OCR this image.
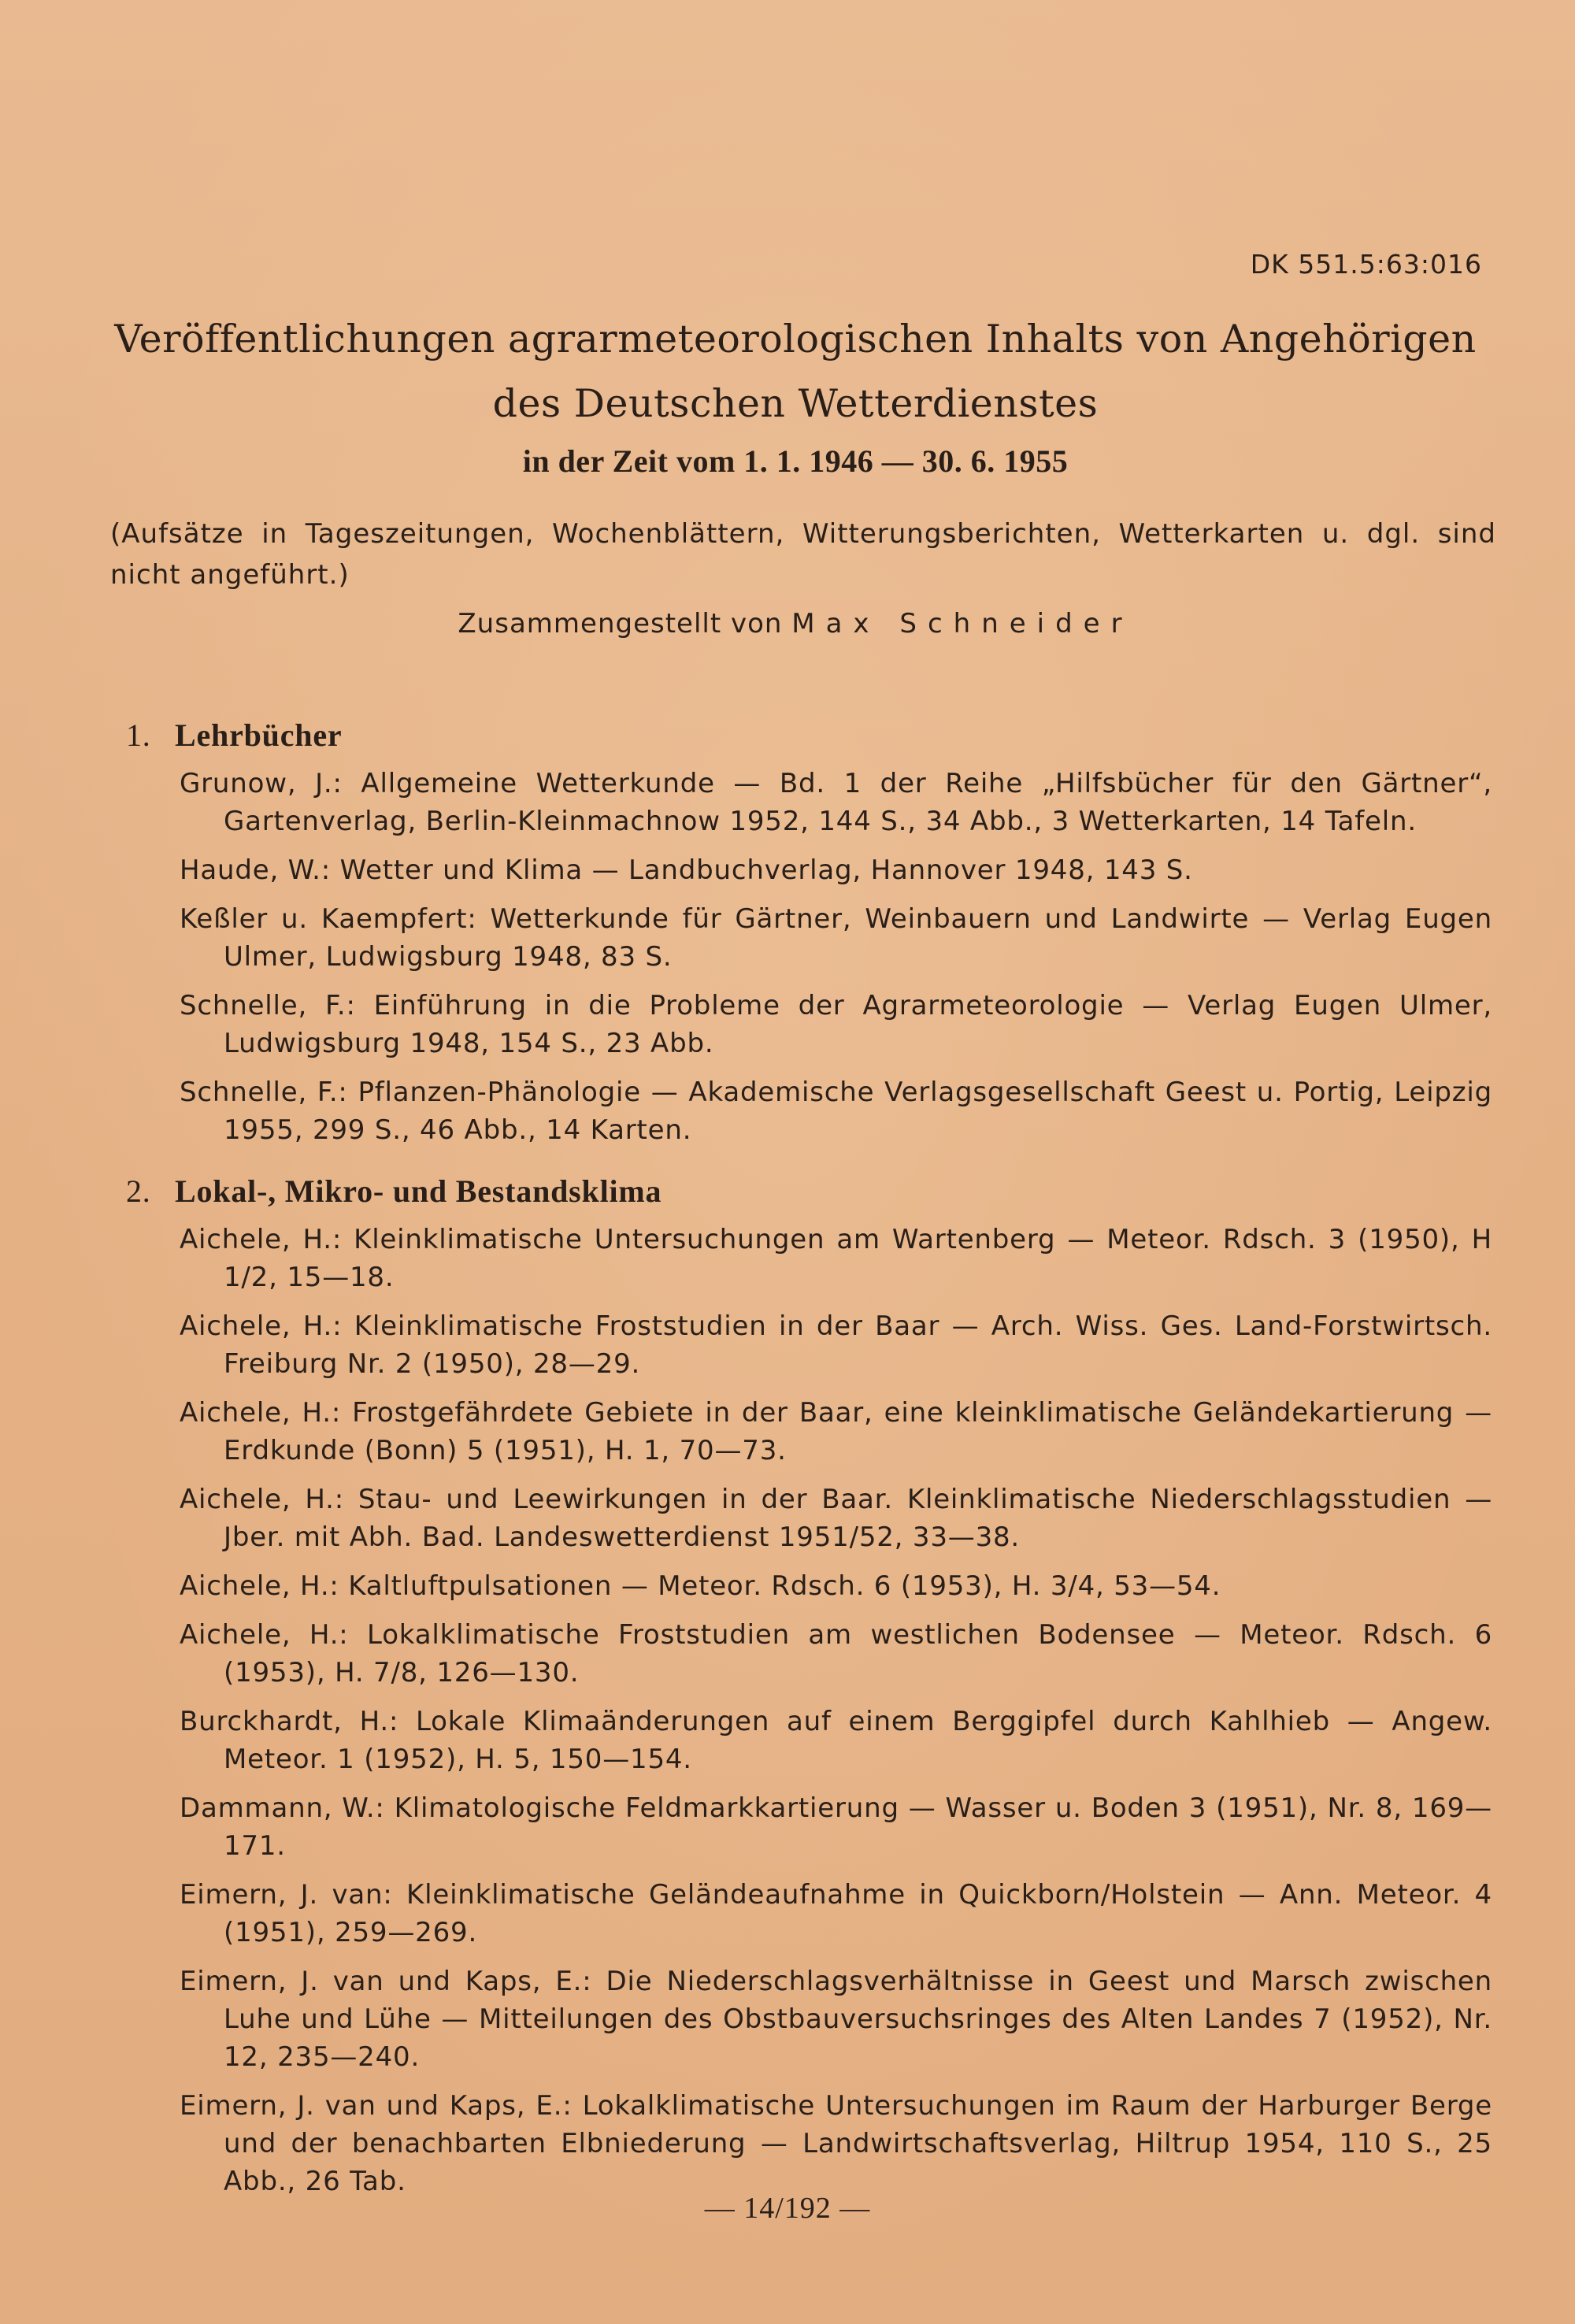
DK 551.5:63:016
Veröffentlichungen agrarmeteorologischen Inhalts von Angehörigen
des Deutschen Wetterdienstes
in der Zeit vom 1. 1. 1946 — 30. 6. 1955
(Aufsätze in Tageszeitungen, Wochenblättern, Witterungsberichten, Wetterkarten u. dgl. sind nicht angeführt.)
Zusammengestellt von Max Schneider
1. Lehrbücher
Grunow, J.: Allgemeine Wetterkunde — Bd. 1 der Reihe „Hilfsbücher für den Gärtner“, Gartenverlag, Berlin-Kleinmachnow 1952, 144 S., 34 Abb., 3 Wetterkarten, 14 Tafeln.
Haude, W.: Wetter und Klima — Landbuchverlag, Hannover 1948, 143 S.
Keßler u. Kaempfert: Wetterkunde für Gärtner, Weinbauern und Landwirte — Verlag Eugen Ulmer, Ludwigsburg 1948, 83 S.
Schnelle, F.: Einführung in die Probleme der Agrarmeteorologie — Verlag Eugen Ulmer, Ludwigsburg 1948, 154 S., 23 Abb.
Schnelle, F.: Pflanzen-Phänologie — Akademische Verlagsgesellschaft Geest u. Portig, Leipzig 1955, 299 S., 46 Abb., 14 Karten.
2. Lokal-, Mikro- und Bestandsklima
Aichele, H.: Kleinklimatische Untersuchungen am Wartenberg — Meteor. Rdsch. 3 (1950), H 1/2, 15—18.
Aichele, H.: Kleinklimatische Froststudien in der Baar — Arch. Wiss. Ges. Land-Forstwirtsch. Freiburg Nr. 2 (1950), 28—29.
Aichele, H.: Frostgefährdete Gebiete in der Baar, eine kleinklimatische Geländekartierung — Erdkunde (Bonn) 5 (1951), H. 1, 70—73.
Aichele, H.: Stau- und Leewirkungen in der Baar. Kleinklimatische Niederschlagsstudien — Jber. mit Abh. Bad. Landeswetterdienst 1951/52, 33—38.
Aichele, H.: Kaltluftpulsationen — Meteor. Rdsch. 6 (1953), H. 3/4, 53—54.
Aichele, H.: Lokalklimatische Froststudien am westlichen Bodensee — Meteor. Rdsch. 6 (1953), H. 7/8, 126—130.
Burckhardt, H.: Lokale Klimaänderungen auf einem Berggipfel durch Kahlhieb — Angew. Meteor. 1 (1952), H. 5, 150—154.
Dammann, W.: Klimatologische Feldmarkkartierung — Wasser u. Boden 3 (1951), Nr. 8, 169—171.
Eimern, J. van: Kleinklimatische Geländeaufnahme in Quickborn/Holstein — Ann. Meteor. 4 (1951), 259—269.
Eimern, J. van und Kaps, E.: Die Niederschlagsverhältnisse in Geest und Marsch zwischen Luhe und Lühe — Mitteilungen des Obstbauversuchsringes des Alten Landes 7 (1952), Nr. 12, 235—240.
Eimern, J. van und Kaps, E.: Lokalklimatische Untersuchungen im Raum der Harburger Berge und der benachbarten Elbniederung — Landwirtschaftsverlag, Hiltrup 1954, 110 S., 25 Abb., 26 Tab.
— 14/192 —
